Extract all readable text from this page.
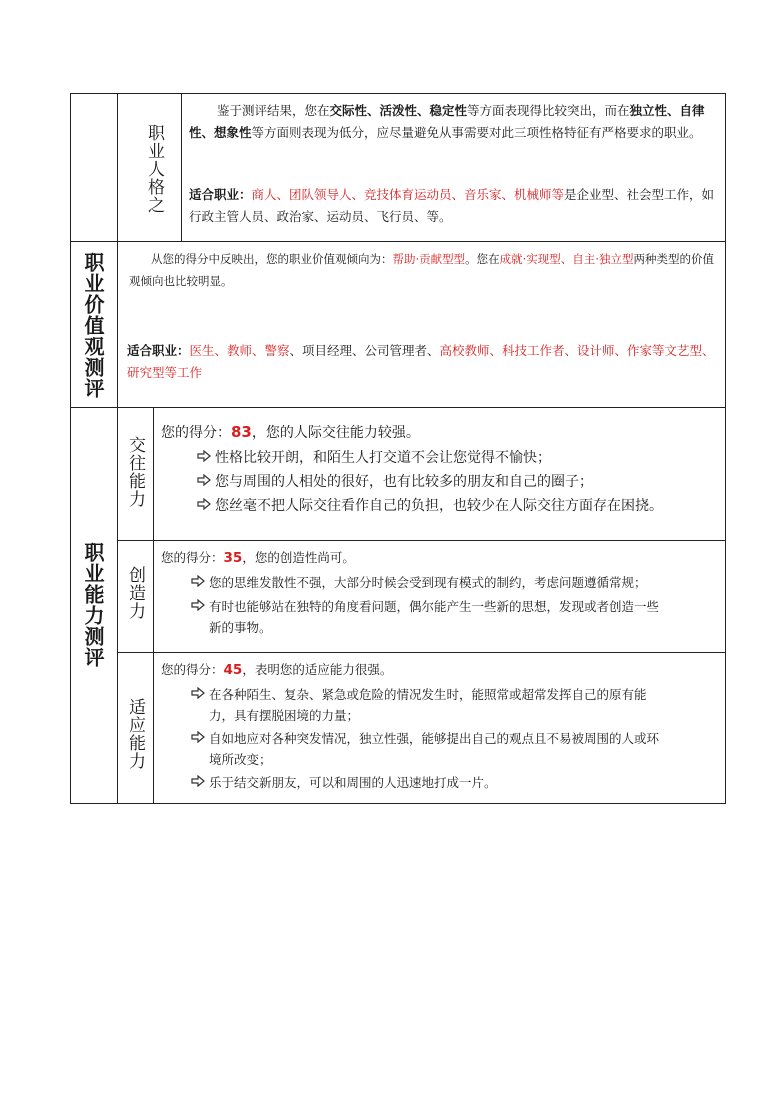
职业人格之
鉴于测评结果，您在交际性、活泼性、稳定性等方面表现得比较突出，而在独立性、自律性、想象性等方面则表现为低分，应尽量避免从事需要对此三项性格特征有严格要求的职业。
适合职业：商人、团队领导人、竞技体育运动员、音乐家、机械师等是企业型、社会型工作，如行政主管人员、政治家、运动员、飞行员、等。
职业价值观测评	从您的得分中反映出，您的职业价值观倾向为：帮助·贡献型型。您在成就·实现型、自主·独立型两种类型的价值观倾向也比较明显。
适合职业：医生、教师、警察、项目经理、公司管理者、高校教师、科技工作者、设计师、作家等文艺型、研究型等工作
职业能力测评
交往能力
您的得分：83，您的人际交往能力较强。
性格比较开朗，和陌生人打交道不会让您觉得不愉快；
您与周围的人相处的很好，也有比较多的朋友和自己的圈子；
您丝毫不把人际交往看作自己的负担，也较少在人际交往方面存在困挠。
创造力
您的得分：35，您的创造性尚可。
您的思维发散性不强，大部分时候会受到现有模式的制约，考虑问题遵循常规；
有时也能够站在独特的角度看问题，偶尔能产生一些新的思想，发现或者创造一些新的事物。
适应能力
您的得分：45，表明您的适应能力很强。
在各种陌生、复杂、紧急或危险的情况发生时，能照常或超常发挥自己的原有能力，具有摆脱困境的力量；
自如地应对各种突发情况，独立性强，能够提出自己的观点且不易被周围的人或环境所改变；
乐于结交新朋友，可以和周围的人迅速地打成一片。
